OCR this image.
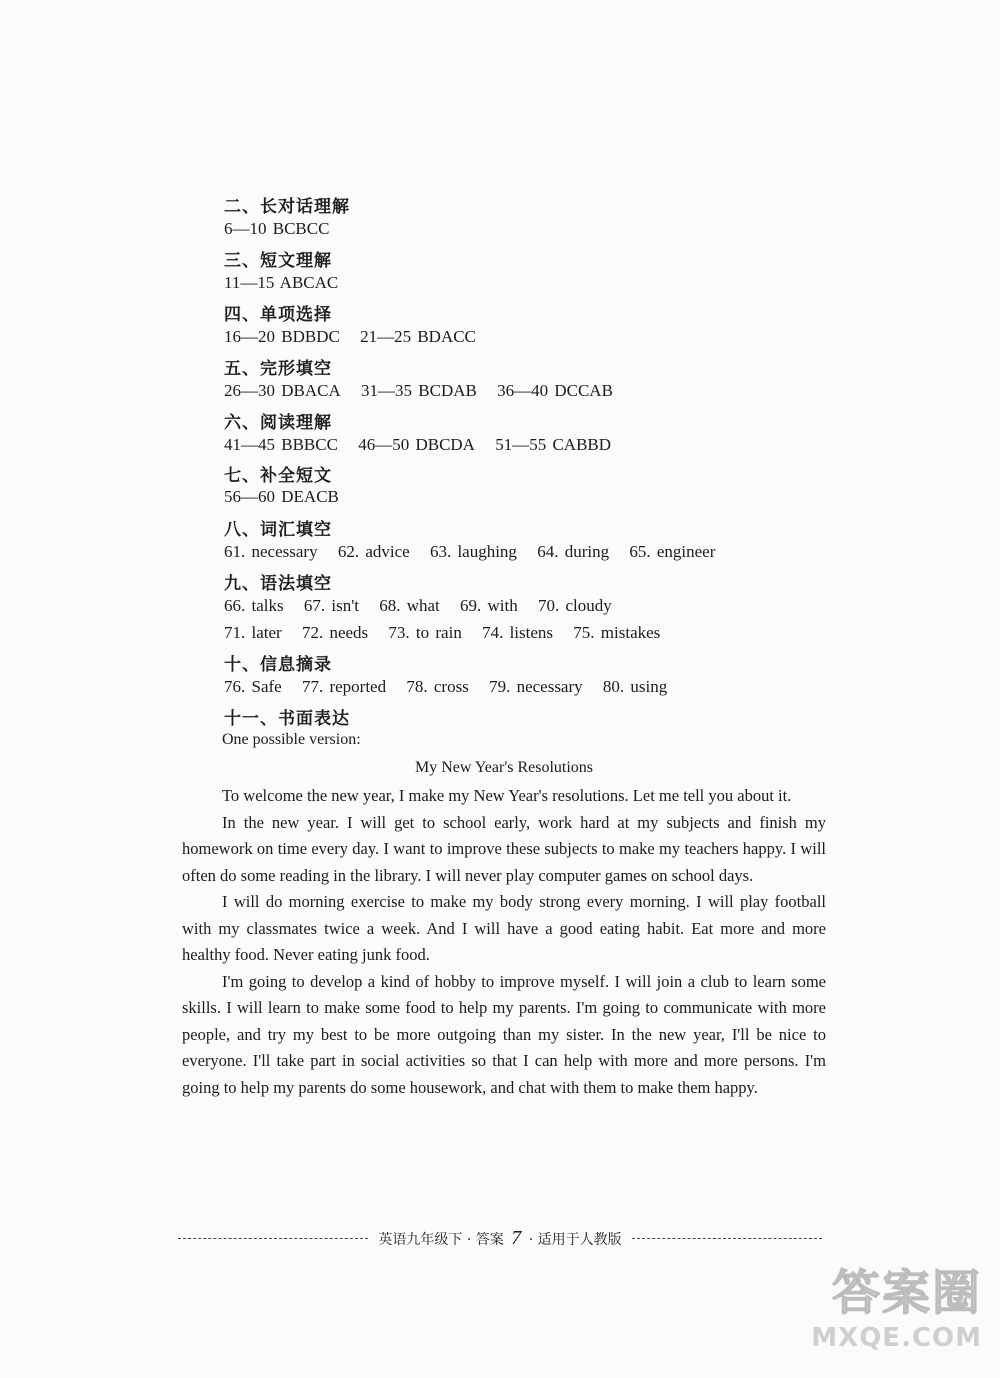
二、长对话理解
6—10 BCBCC
三、短文理解
11—15 ABCAC
四、单项选择
16—20 BDBDC 21—25 BDACC
五、完形填空
26—30 DBACA 31—35 BCDAB 36—40 DCCAB
六、阅读理解
41—45 BBBCC 46—50 DBCDA 51—55 CABBD
七、补全短文
56—60 DEACB
八、词汇填空
61. necessary 62. advice 63. laughing 64. during 65. engineer
九、语法填空
66. talks 67. isn't 68. what 69. with 70. cloudy
71. later 72. needs 73. to rain 74. listens 75. mistakes
十、信息摘录
76. Safe 77. reported 78. cross 79. necessary 80. using
十一、书面表达
One possible version:
My New Year's Resolutions

To welcome the new year, I make my New Year's resolutions. Let me tell you about it.

In the new year. I will get to school early, work hard at my subjects and finish my homework on time every day. I want to improve these subjects to make my teachers happy. I will often do some reading in the library. I will never play computer games on school days.

I will do morning exercise to make my body strong every morning. I will play football with my classmates twice a week. And I will have a good eating habit. Eat more and more healthy food. Never eating junk food.

I'm going to develop a kind of hobby to improve myself. I will join a club to learn some skills. I will learn to make some food to help my parents. I'm going to communicate with more people, and try my best to be more outgoing than my sister. In the new year, I'll be nice to everyone. I'll take part in social activities so that I can help with more and more persons. I'm going to help my parents do some housework, and chat with them to make them happy.

英语九年级下 · 答案 7 · 适用于人教版
答案圈
MXQE.COM
